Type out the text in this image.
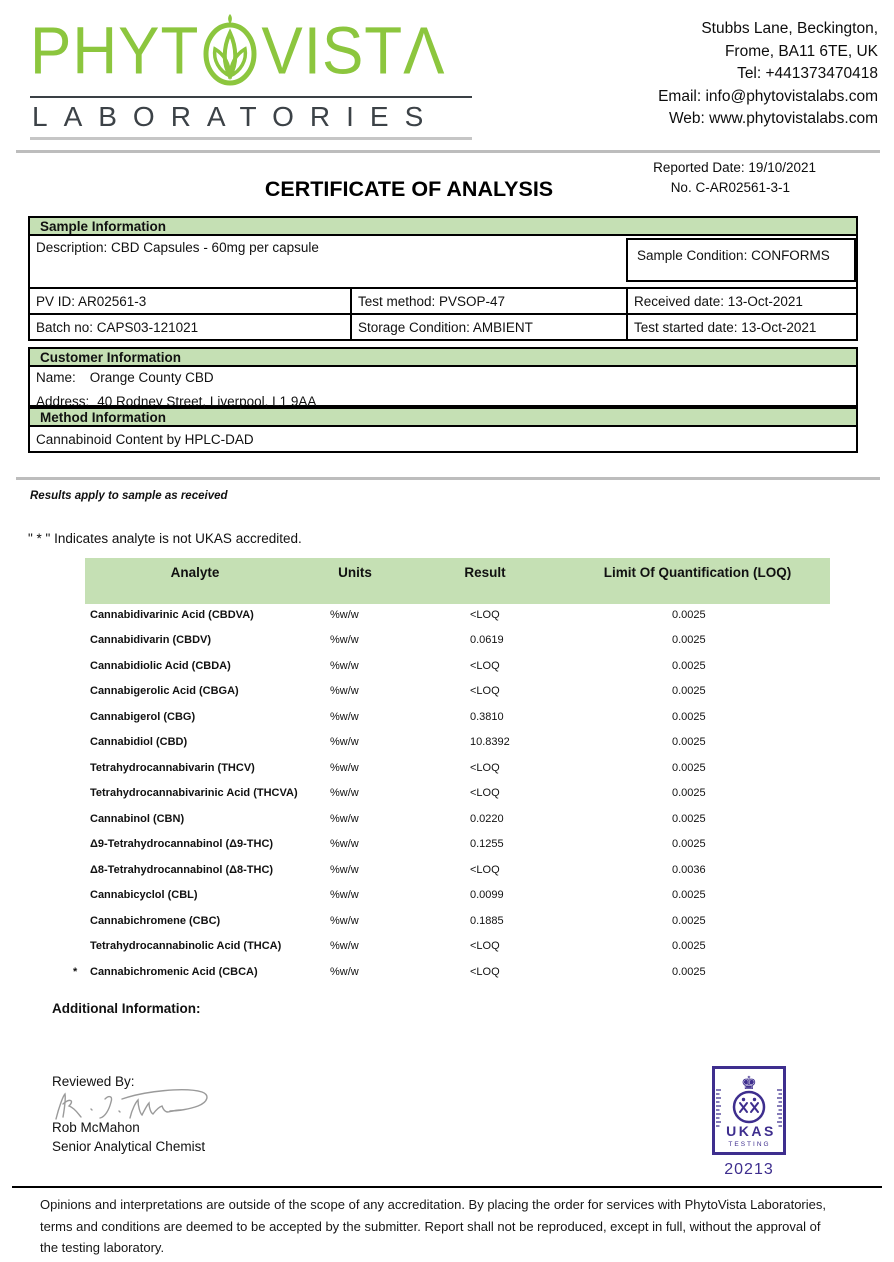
PHYT VIST Λ
LABORATORIES
Stubbs Lane, Beckington,
Frome, BA11 6TE, UK
Tel: +441373470418
Email: info@phytovistalabs.com
Web: www.phytovistalabs.com
Reported Date: 19/10/2021
No. C-AR02561-3-1
CERTIFICATE OF ANALYSIS
Sample Information
Description: CBD Capsules - 60mg per capsule
Sample Condition: CONFORMS
PV ID: AR02561-3	Test method: PVSOP-47	Received date: 13-Oct-2021
Batch no: CAPS03-121021	Storage Condition: AMBIENT	Test started date: 13-Oct-2021
Customer Information
Name: Orange County CBD
Address: 40 Rodney Street, Liverpool, L1 9AA
Method Information
Cannabinoid Content by HPLC-DAD
Results apply to sample as received
" * " Indicates analyte is not UKAS accredited.
Analyte	Units	Result	Limit Of Quantification (LOQ)
Cannabidivarinic Acid (CBDVA)	%w/w	<LOQ	0.0025
Cannabidivarin (CBDV)	%w/w	0.0619	0.0025
Cannabidiolic Acid (CBDA)	%w/w	<LOQ	0.0025
Cannabigerolic Acid (CBGA)	%w/w	<LOQ	0.0025
Cannabigerol (CBG)	%w/w	0.3810	0.0025
Cannabidiol (CBD)	%w/w	10.8392	0.0025
Tetrahydrocannabivarin (THCV)	%w/w	<LOQ	0.0025
Tetrahydrocannabivarinic Acid (THCVA)	%w/w	<LOQ	0.0025
Cannabinol (CBN)	%w/w	0.0220	0.0025
Δ9-Tetrahydrocannabinol (Δ9-THC)	%w/w	0.1255	0.0025
Δ8-Tetrahydrocannabinol (Δ8-THC)	%w/w	<LOQ	0.0036
Cannabicyclol (CBL)	%w/w	0.0099	0.0025
Cannabichromene (CBC)	%w/w	0.1885	0.0025
Tetrahydrocannabinolic Acid (THCA)	%w/w	<LOQ	0.0025
* Cannabichromenic Acid (CBCA)	%w/w	<LOQ	0.0025
Additional Information:
Reviewed By:
Rob McMahon
Senior Analytical Chemist
♚
UKAS
TESTING
20213
Opinions and interpretations are outside of the scope of any accreditation. By placing the order for services with PhytoVista Laboratories,
terms and conditions are deemed to be accepted by the submitter. Report shall not be reproduced, except in full, without the approval of
the testing laboratory.
